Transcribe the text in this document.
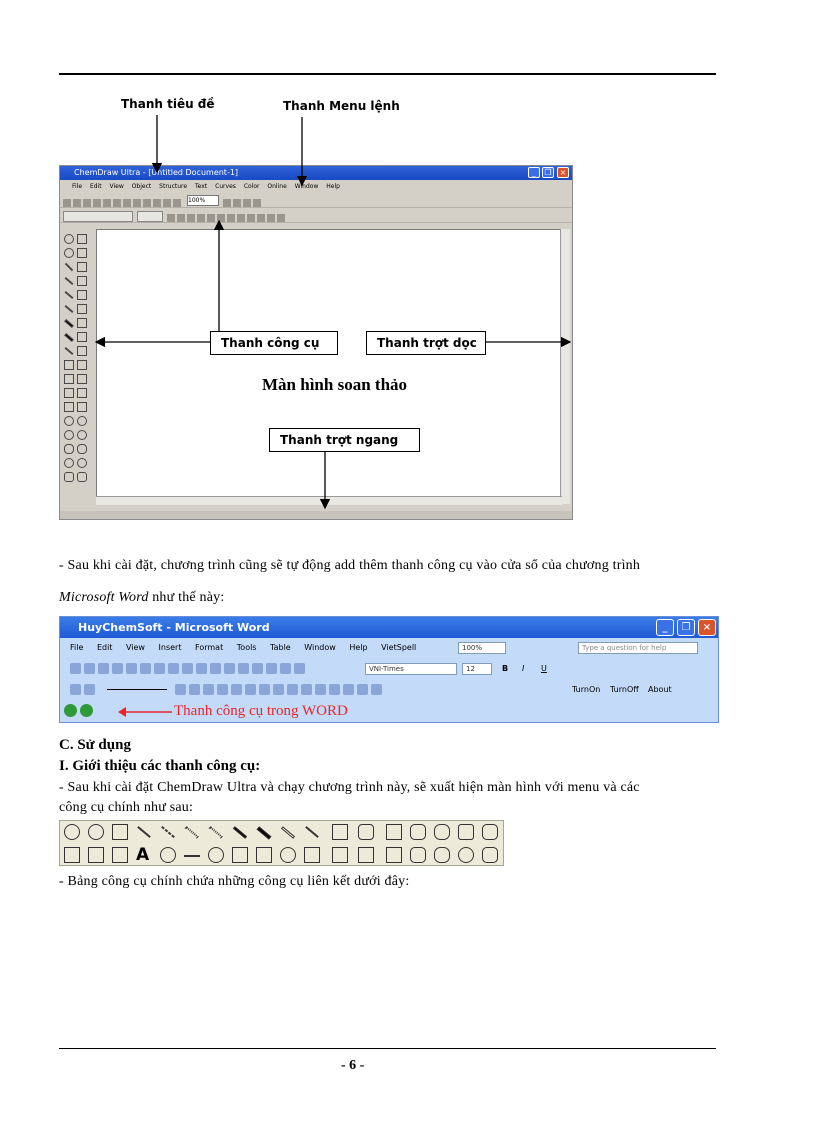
Thanh tiêu đề	Thanh Menu lệnh
ChemDraw Ultra - [Untitled Document-1]	_	❐	×
File Edit View Object Structure Text Curves Color Online Window Help
100%

Thanh công cụ	Thanh trợt dọc
Màn hình soan thảo
Thanh trợt ngang
- Sau khi cài đặt, chương trình cũng sẽ tự động add thêm thanh công cụ vào cửa sổ của chương trình
Microsoft Word như thế này:
HuyChemSoft - Microsoft Word	_	❐	×
File Edit View Insert Format Tools Table Window Help VietSpell	100%	Type a question for help
VNI-Times	12	B I U

TurnOn TurnOff About

Thanh công cụ trong WORD
C. Sử dụng
I. Giới thiệu các thanh công cụ:
- Sau khi cài đặt ChemDraw Ultra và chạy chương trình này, sẽ xuất hiện màn hình với menu và các
công cụ chính như sau:
A
- Bảng công cụ chính chứa những công cụ liên kết dưới đây:
- 6 -
